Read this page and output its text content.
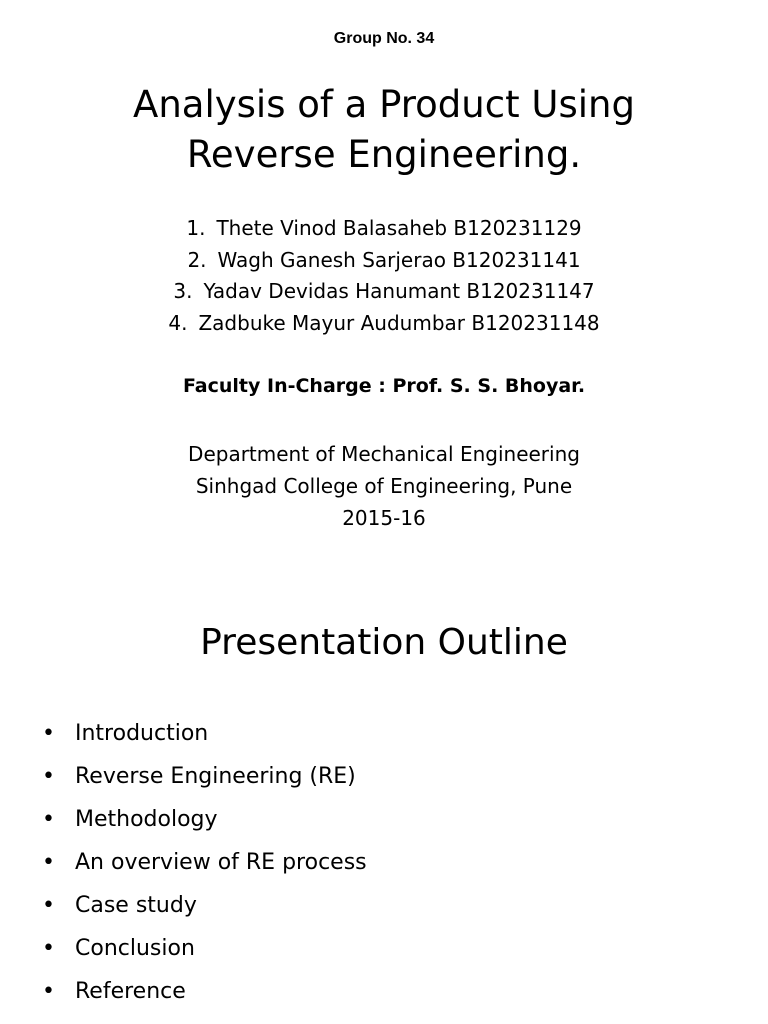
Group No. 34
Analysis of a Product Using
Reverse Engineering.
1. Thete Vinod Balasaheb B120231129
2. Wagh Ganesh Sarjerao B120231141
3. Yadav Devidas Hanumant B120231147
4. Zadbuke Mayur Audumbar B120231148
Faculty In-Charge : Prof. S. S. Bhoyar.
Department of Mechanical Engineering
Sinhgad College of Engineering, Pune
2015-16
Presentation Outline
• Introduction
• Reverse Engineering (RE)
• Methodology
• An overview of RE process
• Case study
• Conclusion
• Reference
